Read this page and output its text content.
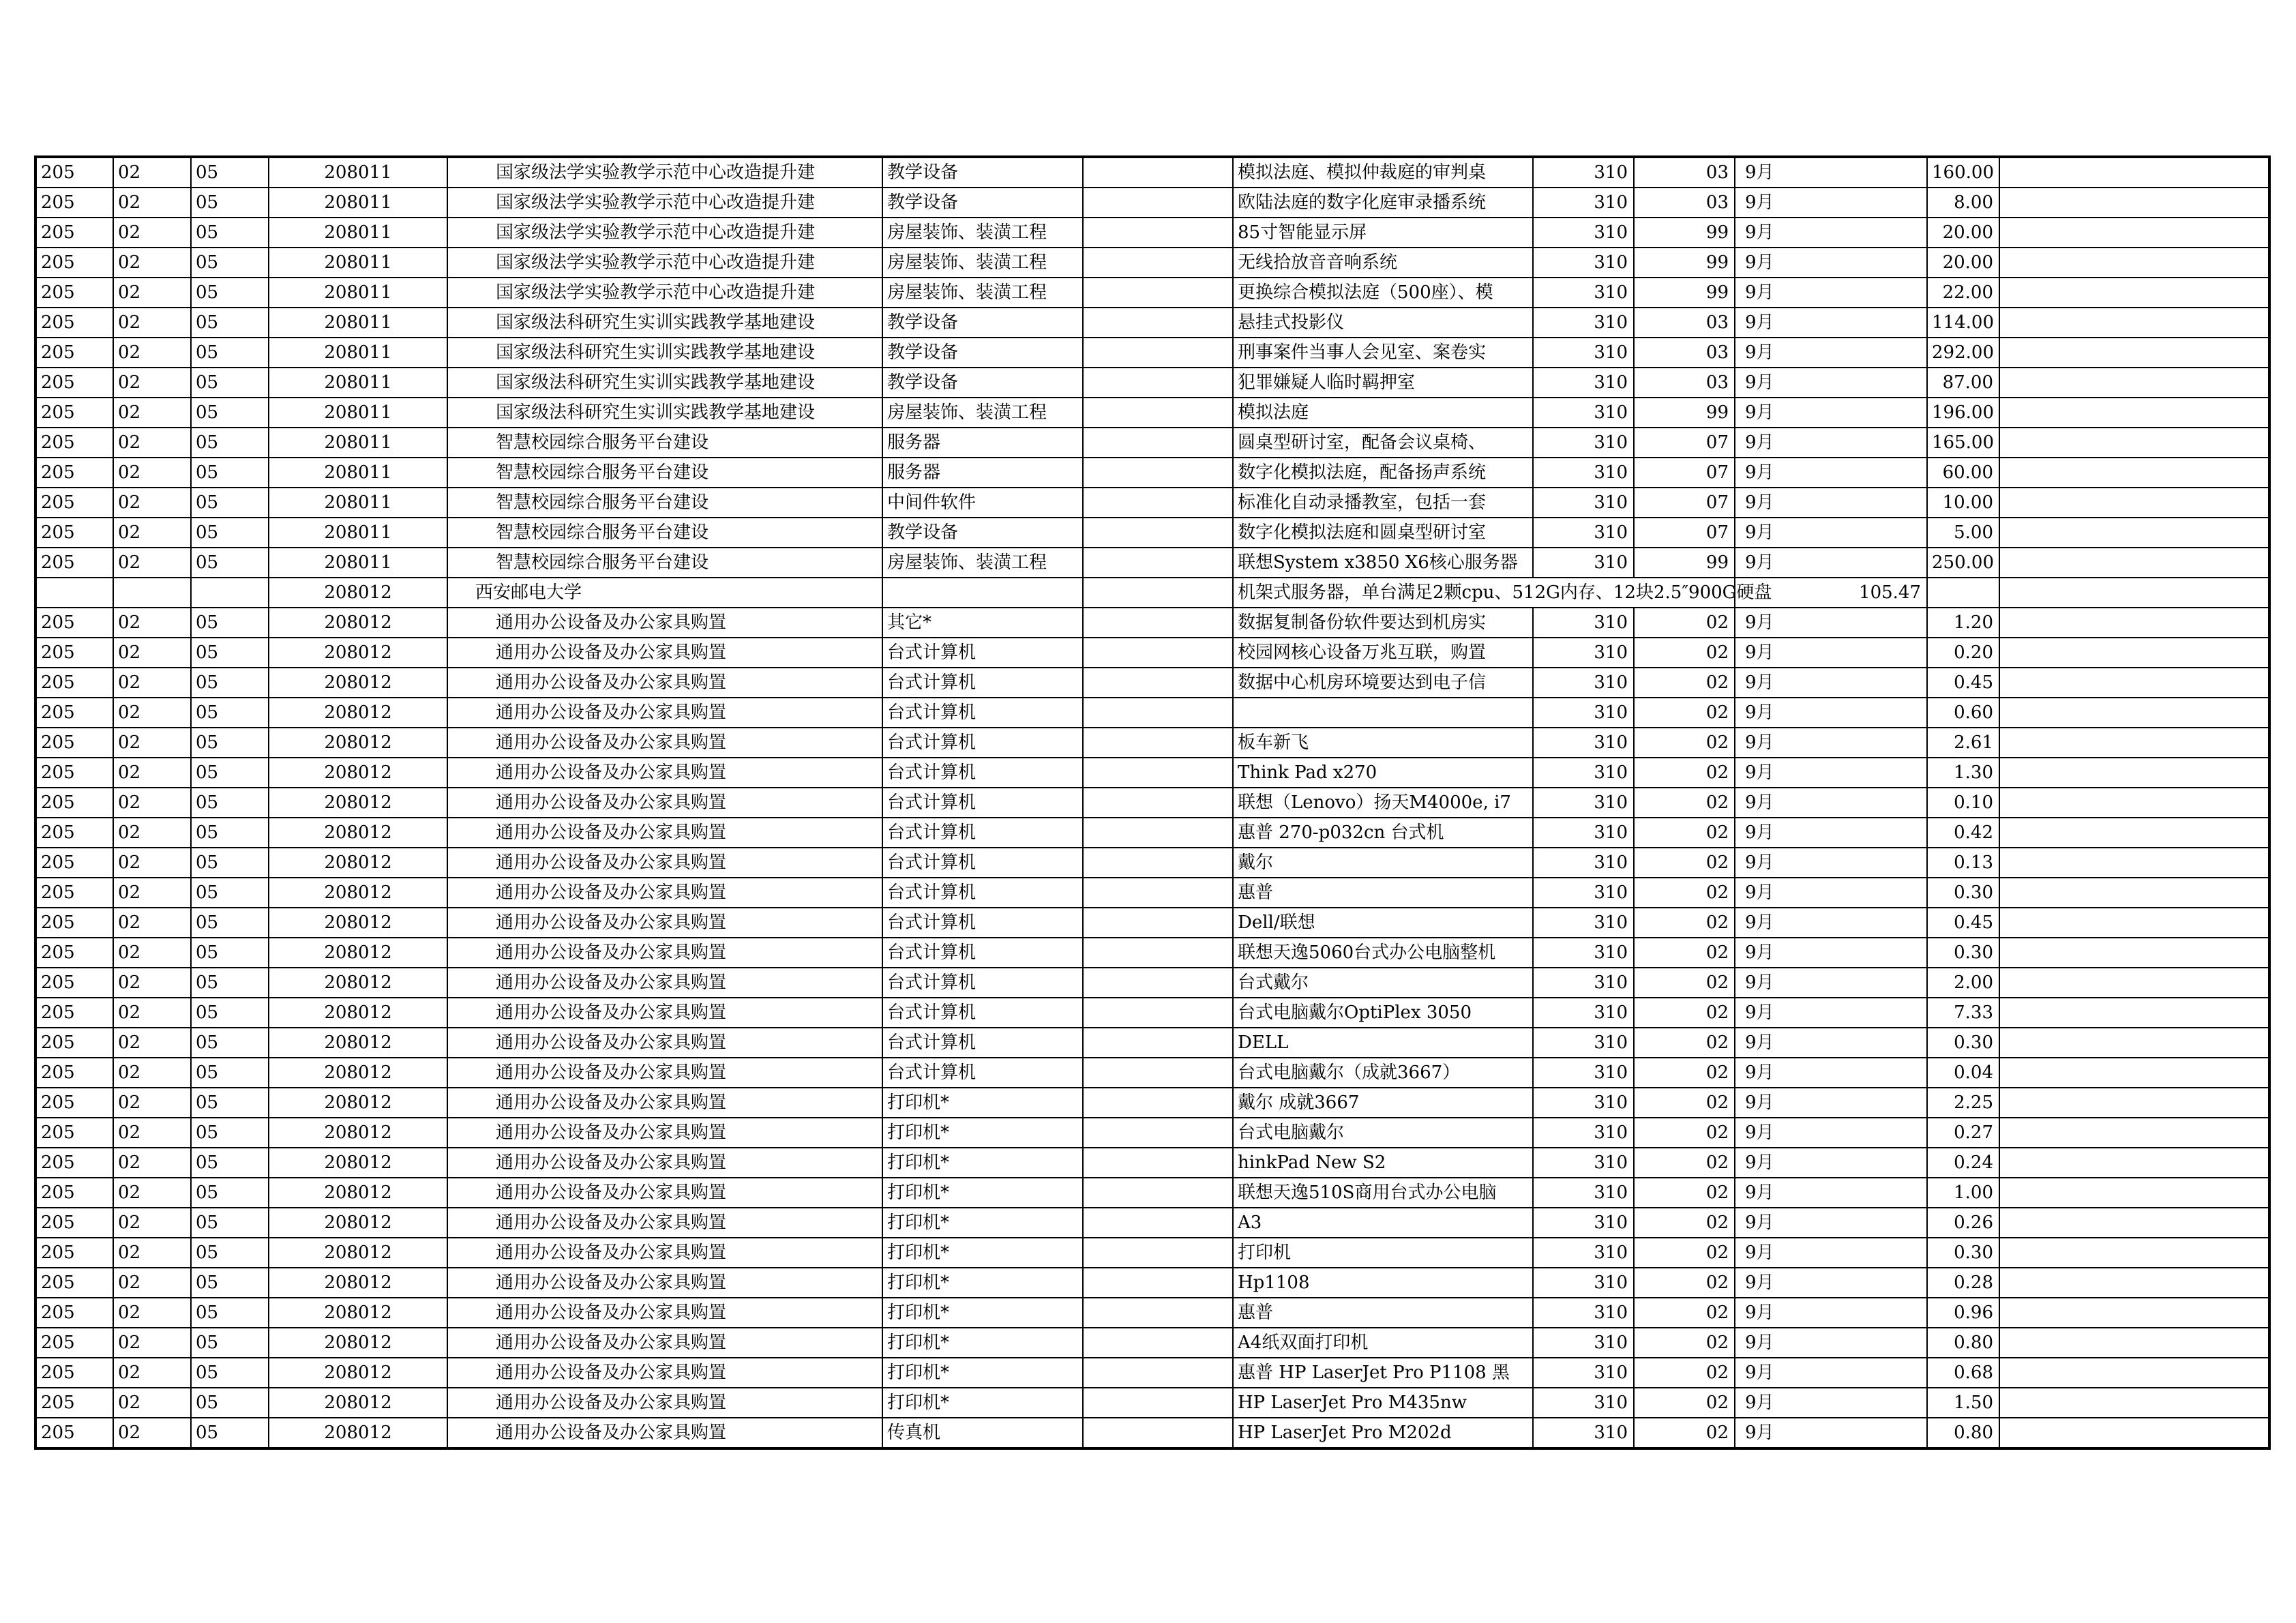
205	02	05	208011	国家级法学实验教学示范中心改造提升建	教学设备		模拟法庭、模拟仲裁庭的审判桌	310	03	9月	160.00	
205	02	05	208011	国家级法学实验教学示范中心改造提升建	教学设备		欧陆法庭的数字化庭审录播系统	310	03	9月	8.00	
205	02	05	208011	国家级法学实验教学示范中心改造提升建	房屋装饰、装潢工程		85寸智能显示屏	310	99	9月	20.00	
205	02	05	208011	国家级法学实验教学示范中心改造提升建	房屋装饰、装潢工程		无线拾放音音响系统	310	99	9月	20.00	
205	02	05	208011	国家级法学实验教学示范中心改造提升建	房屋装饰、装潢工程		更换综合模拟法庭（500座）、模	310	99	9月	22.00	
205	02	05	208011	国家级法科研究生实训实践教学基地建设	教学设备		悬挂式投影仪	310	03	9月	114.00	
205	02	05	208011	国家级法科研究生实训实践教学基地建设	教学设备		刑事案件当事人会见室、案卷实	310	03	9月	292.00	
205	02	05	208011	国家级法科研究生实训实践教学基地建设	教学设备		犯罪嫌疑人临时羁押室	310	03	9月	87.00	
205	02	05	208011	国家级法科研究生实训实践教学基地建设	房屋装饰、装潢工程		模拟法庭	310	99	9月	196.00	
205	02	05	208011	智慧校园综合服务平台建设	服务器		圆桌型研讨室，配备会议桌椅、	310	07	9月	165.00	
205	02	05	208011	智慧校园综合服务平台建设	服务器		数字化模拟法庭，配备扬声系统	310	07	9月	60.00	
205	02	05	208011	智慧校园综合服务平台建设	中间件软件		标准化自动录播教室，包括一套	310	07	9月	10.00	
205	02	05	208011	智慧校园综合服务平台建设	教学设备		数字化模拟法庭和圆桌型研讨室	310	07	9月	5.00	
205	02	05	208011	智慧校园综合服务平台建设	房屋装饰、装潢工程		联想System x3850 X6核心服务器	310	99	9月	250.00	
			208012	西安邮电大学			机架式服务器，单台满足2颗cpu、512G内存、12块2.5″900G硬盘			105.47		
205	02	05	208012	通用办公设备及办公家具购置	其它*		数据复制备份软件要达到机房实	310	02	9月	1.20	
205	02	05	208012	通用办公设备及办公家具购置	台式计算机		校园网核心设备万兆互联，购置	310	02	9月	0.20	
205	02	05	208012	通用办公设备及办公家具购置	台式计算机		数据中心机房环境要达到电子信	310	02	9月	0.45	
205	02	05	208012	通用办公设备及办公家具购置	台式计算机			310	02	9月	0.60	
205	02	05	208012	通用办公设备及办公家具购置	台式计算机		板车新飞	310	02	9月	2.61	
205	02	05	208012	通用办公设备及办公家具购置	台式计算机		Think Pad x270	310	02	9月	1.30	
205	02	05	208012	通用办公设备及办公家具购置	台式计算机		联想（Lenovo）扬天M4000e, i7	310	02	9月	0.10	
205	02	05	208012	通用办公设备及办公家具购置	台式计算机		惠普 270-p032cn 台式机	310	02	9月	0.42	
205	02	05	208012	通用办公设备及办公家具购置	台式计算机		戴尔	310	02	9月	0.13	
205	02	05	208012	通用办公设备及办公家具购置	台式计算机		惠普	310	02	9月	0.30	
205	02	05	208012	通用办公设备及办公家具购置	台式计算机		Dell/联想	310	02	9月	0.45	
205	02	05	208012	通用办公设备及办公家具购置	台式计算机		联想天逸5060台式办公电脑整机	310	02	9月	0.30	
205	02	05	208012	通用办公设备及办公家具购置	台式计算机		台式戴尔	310	02	9月	2.00	
205	02	05	208012	通用办公设备及办公家具购置	台式计算机		台式电脑戴尔OptiPlex 3050	310	02	9月	7.33	
205	02	05	208012	通用办公设备及办公家具购置	台式计算机		DELL	310	02	9月	0.30	
205	02	05	208012	通用办公设备及办公家具购置	台式计算机		台式电脑戴尔（成就3667）	310	02	9月	0.04	
205	02	05	208012	通用办公设备及办公家具购置	打印机*		戴尔 成就3667	310	02	9月	2.25	
205	02	05	208012	通用办公设备及办公家具购置	打印机*		台式电脑戴尔	310	02	9月	0.27	
205	02	05	208012	通用办公设备及办公家具购置	打印机*		hinkPad New S2	310	02	9月	0.24	
205	02	05	208012	通用办公设备及办公家具购置	打印机*		联想天逸510S商用台式办公电脑	310	02	9月	1.00	
205	02	05	208012	通用办公设备及办公家具购置	打印机*		A3	310	02	9月	0.26	
205	02	05	208012	通用办公设备及办公家具购置	打印机*		打印机	310	02	9月	0.30	
205	02	05	208012	通用办公设备及办公家具购置	打印机*		Hp1108	310	02	9月	0.28	
205	02	05	208012	通用办公设备及办公家具购置	打印机*		惠普	310	02	9月	0.96	
205	02	05	208012	通用办公设备及办公家具购置	打印机*		A4纸双面打印机	310	02	9月	0.80	
205	02	05	208012	通用办公设备及办公家具购置	打印机*		惠普 HP LaserJet Pro P1108 黑	310	02	9月	0.68	
205	02	05	208012	通用办公设备及办公家具购置	打印机*		HP LaserJet Pro M435nw	310	02	9月	1.50	
205	02	05	208012	通用办公设备及办公家具购置	传真机		HP LaserJet Pro M202d	310	02	9月	0.80	
